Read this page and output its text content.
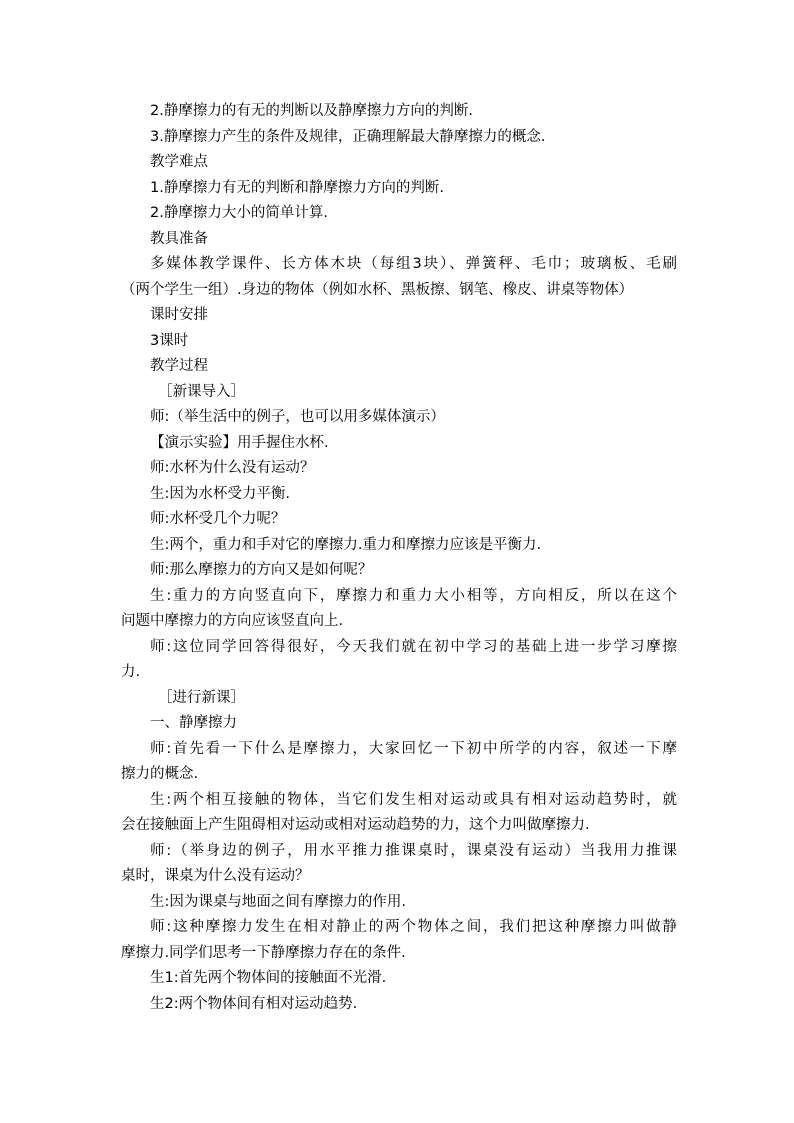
2.静摩擦力的有无的判断以及静摩擦力方向的判断.
3.静摩擦力产生的条件及规律，正确理解最大静摩擦力的概念.
教学难点
1.静摩擦力有无的判断和静摩擦力方向的判断.
2.静摩擦力大小的简单计算.
教具准备
多媒体教学课件、长方体木块（每组3块）、弹簧秤、毛巾；玻璃板、毛刷
（两个学生一组）.身边的物体（例如水杯、黑板擦、钢笔、橡皮、讲桌等物体）
课时安排
3课时
教学过程
［新课导入］
师:（举生活中的例子，也可以用多媒体演示）
【演示实验】用手握住水杯.
师:水杯为什么没有运动？
生:因为水杯受力平衡.
师:水杯受几个力呢？
生:两个，重力和手对它的摩擦力.重力和摩擦力应该是平衡力.
师:那么摩擦力的方向又是如何呢？
生:重力的方向竖直向下，摩擦力和重力大小相等，方向相反，所以在这个
问题中摩擦力的方向应该竖直向上.
师:这位同学回答得很好，今天我们就在初中学习的基础上进一步学习摩擦
力.
［进行新课］
一、静摩擦力
师:首先看一下什么是摩擦力，大家回忆一下初中所学的内容，叙述一下摩
擦力的概念.
生:两个相互接触的物体，当它们发生相对运动或具有相对运动趋势时，就
会在接触面上产生阻碍相对运动或相对运动趋势的力，这个力叫做摩擦力.
师:（举身边的例子，用水平推力推课桌时，课桌没有运动）当我用力推课
桌时，课桌为什么没有运动？
生:因为课桌与地面之间有摩擦力的作用.
师:这种摩擦力发生在相对静止的两个物体之间，我们把这种摩擦力叫做静
摩擦力.同学们思考一下静摩擦力存在的条件.
生1:首先两个物体间的接触面不光滑.
生2:两个物体间有相对运动趋势.
